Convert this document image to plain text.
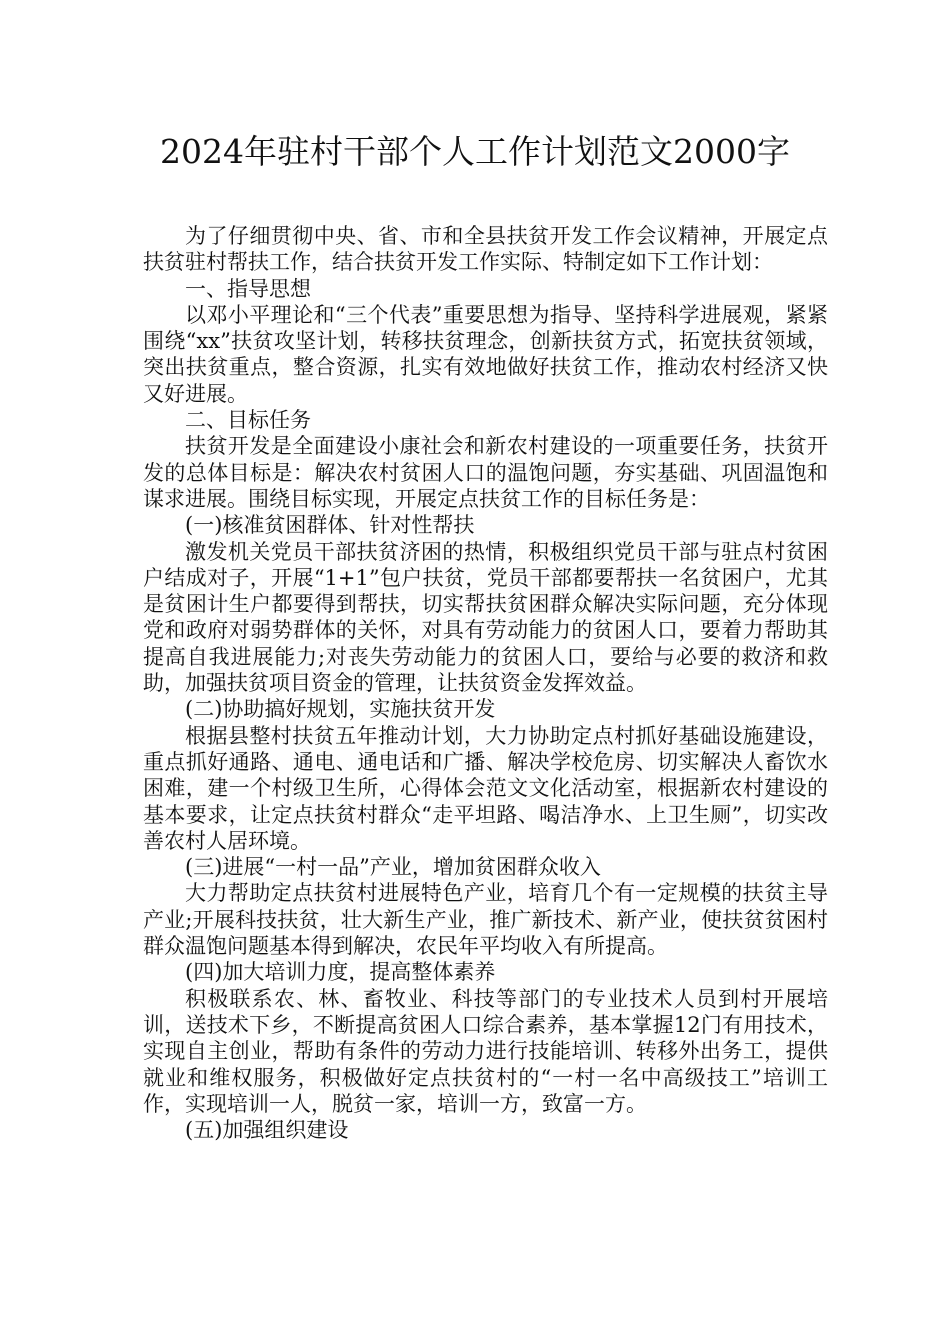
2024年驻村干部个人工作计划范文2000字

为了仔细贯彻中央、省、市和全县扶贫开发工作会议精神，开展定点扶贫驻村帮扶工作，结合扶贫开发工作实际、特制定如下工作计划：

一、指导思想

以邓小平理论和“三个代表”重要思想为指导、坚持科学进展观，紧紧围绕“xx”扶贫攻坚计划，转移扶贫理念，创新扶贫方式，拓宽扶贫领域，突出扶贫重点，整合资源，扎实有效地做好扶贫工作，推动农村经济又快又好进展。

二、目标任务

扶贫开发是全面建设小康社会和新农村建设的一项重要任务，扶贫开发的总体目标是：解决农村贫困人口的温饱问题，夯实基础、巩固温饱和谋求进展。围绕目标实现，开展定点扶贫工作的目标任务是：

(一)核准贫困群体、针对性帮扶

激发机关党员干部扶贫济困的热情，积极组织党员干部与驻点村贫困户结成对子，开展“1+1”包户扶贫，党员干部都要帮扶一名贫困户，尤其是贫困计生户都要得到帮扶，切实帮扶贫困群众解决实际问题，充分体现党和政府对弱势群体的关怀，对具有劳动能力的贫困人口，要着力帮助其提高自我进展能力;对丧失劳动能力的贫困人口，要给与必要的救济和救助，加强扶贫项目资金的管理，让扶贫资金发挥效益。

(二)协助搞好规划，实施扶贫开发

根据县整村扶贫五年推动计划，大力协助定点村抓好基础设施建设，重点抓好通路、通电、通电话和广播、解决学校危房、切实解决人畜饮水困难，建一个村级卫生所，心得体会范文文化活动室，根据新农村建设的基本要求，让定点扶贫村群众“走平坦路、喝洁净水、上卫生厕”，切实改善农村人居环境。

(三)进展“一村一品”产业，增加贫困群众收入

大力帮助定点扶贫村进展特色产业，培育几个有一定规模的扶贫主导产业;开展科技扶贫，壮大新生产业，推广新技术、新产业，使扶贫贫困村群众温饱问题基本得到解决，农民年平均收入有所提高。

(四)加大培训力度，提高整体素养

积极联系农、林、畜牧业、科技等部门的专业技术人员到村开展培训，送技术下乡，不断提高贫困人口综合素养，基本掌握12门有用技术，实现自主创业，帮助有条件的劳动力进行技能培训、转移外出务工，提供就业和维权服务，积极做好定点扶贫村的“一村一名中高级技工”培训工作，实现培训一人，脱贫一家，培训一方，致富一方。

(五)加强组织建设
